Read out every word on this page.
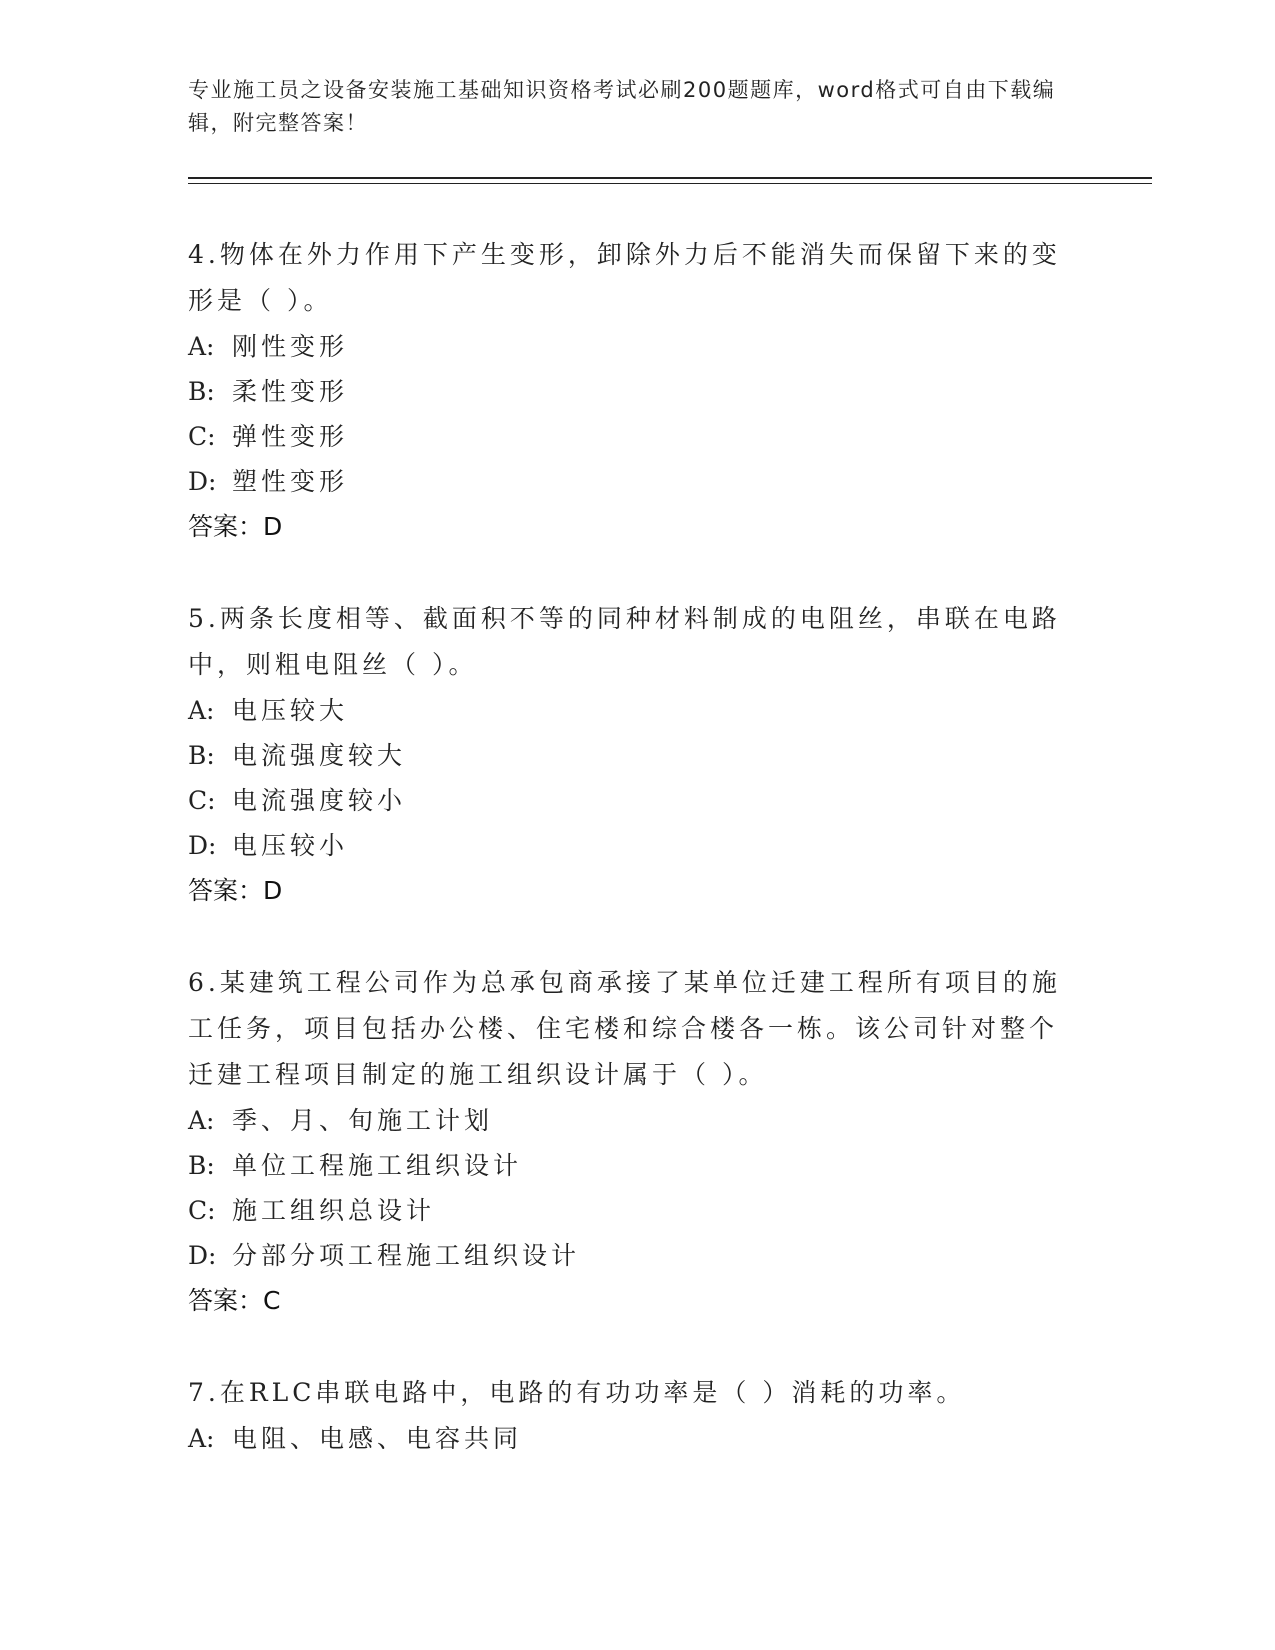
专业施工员之设备安装施工基础知识资格考试必刷200题题库，word格式可自由下载编辑，附完整答案！

4.物体在外力作用下产生变形，卸除外力后不能消失而保留下来的变形是（ ）。

A: 刚性变形

B: 柔性变形

C: 弹性变形

D: 塑性变形

答案：D

5.两条长度相等、截面积不等的同种材料制成的电阻丝，串联在电路中，则粗电阻丝（ ）。

A: 电压较大

B: 电流强度较大

C: 电流强度较小

D: 电压较小

答案：D

6.某建筑工程公司作为总承包商承接了某单位迁建工程所有项目的施工任务，项目包括办公楼、住宅楼和综合楼各一栋。该公司针对整个迁建工程项目制定的施工组织设计属于（ ）。

A: 季、月、旬施工计划

B: 单位工程施工组织设计

C: 施工组织总设计

D: 分部分项工程施工组织设计

答案：C

7.在RLC串联电路中，电路的有功功率是（ ）消耗的功率。

A: 电阻、电感、电容共同
